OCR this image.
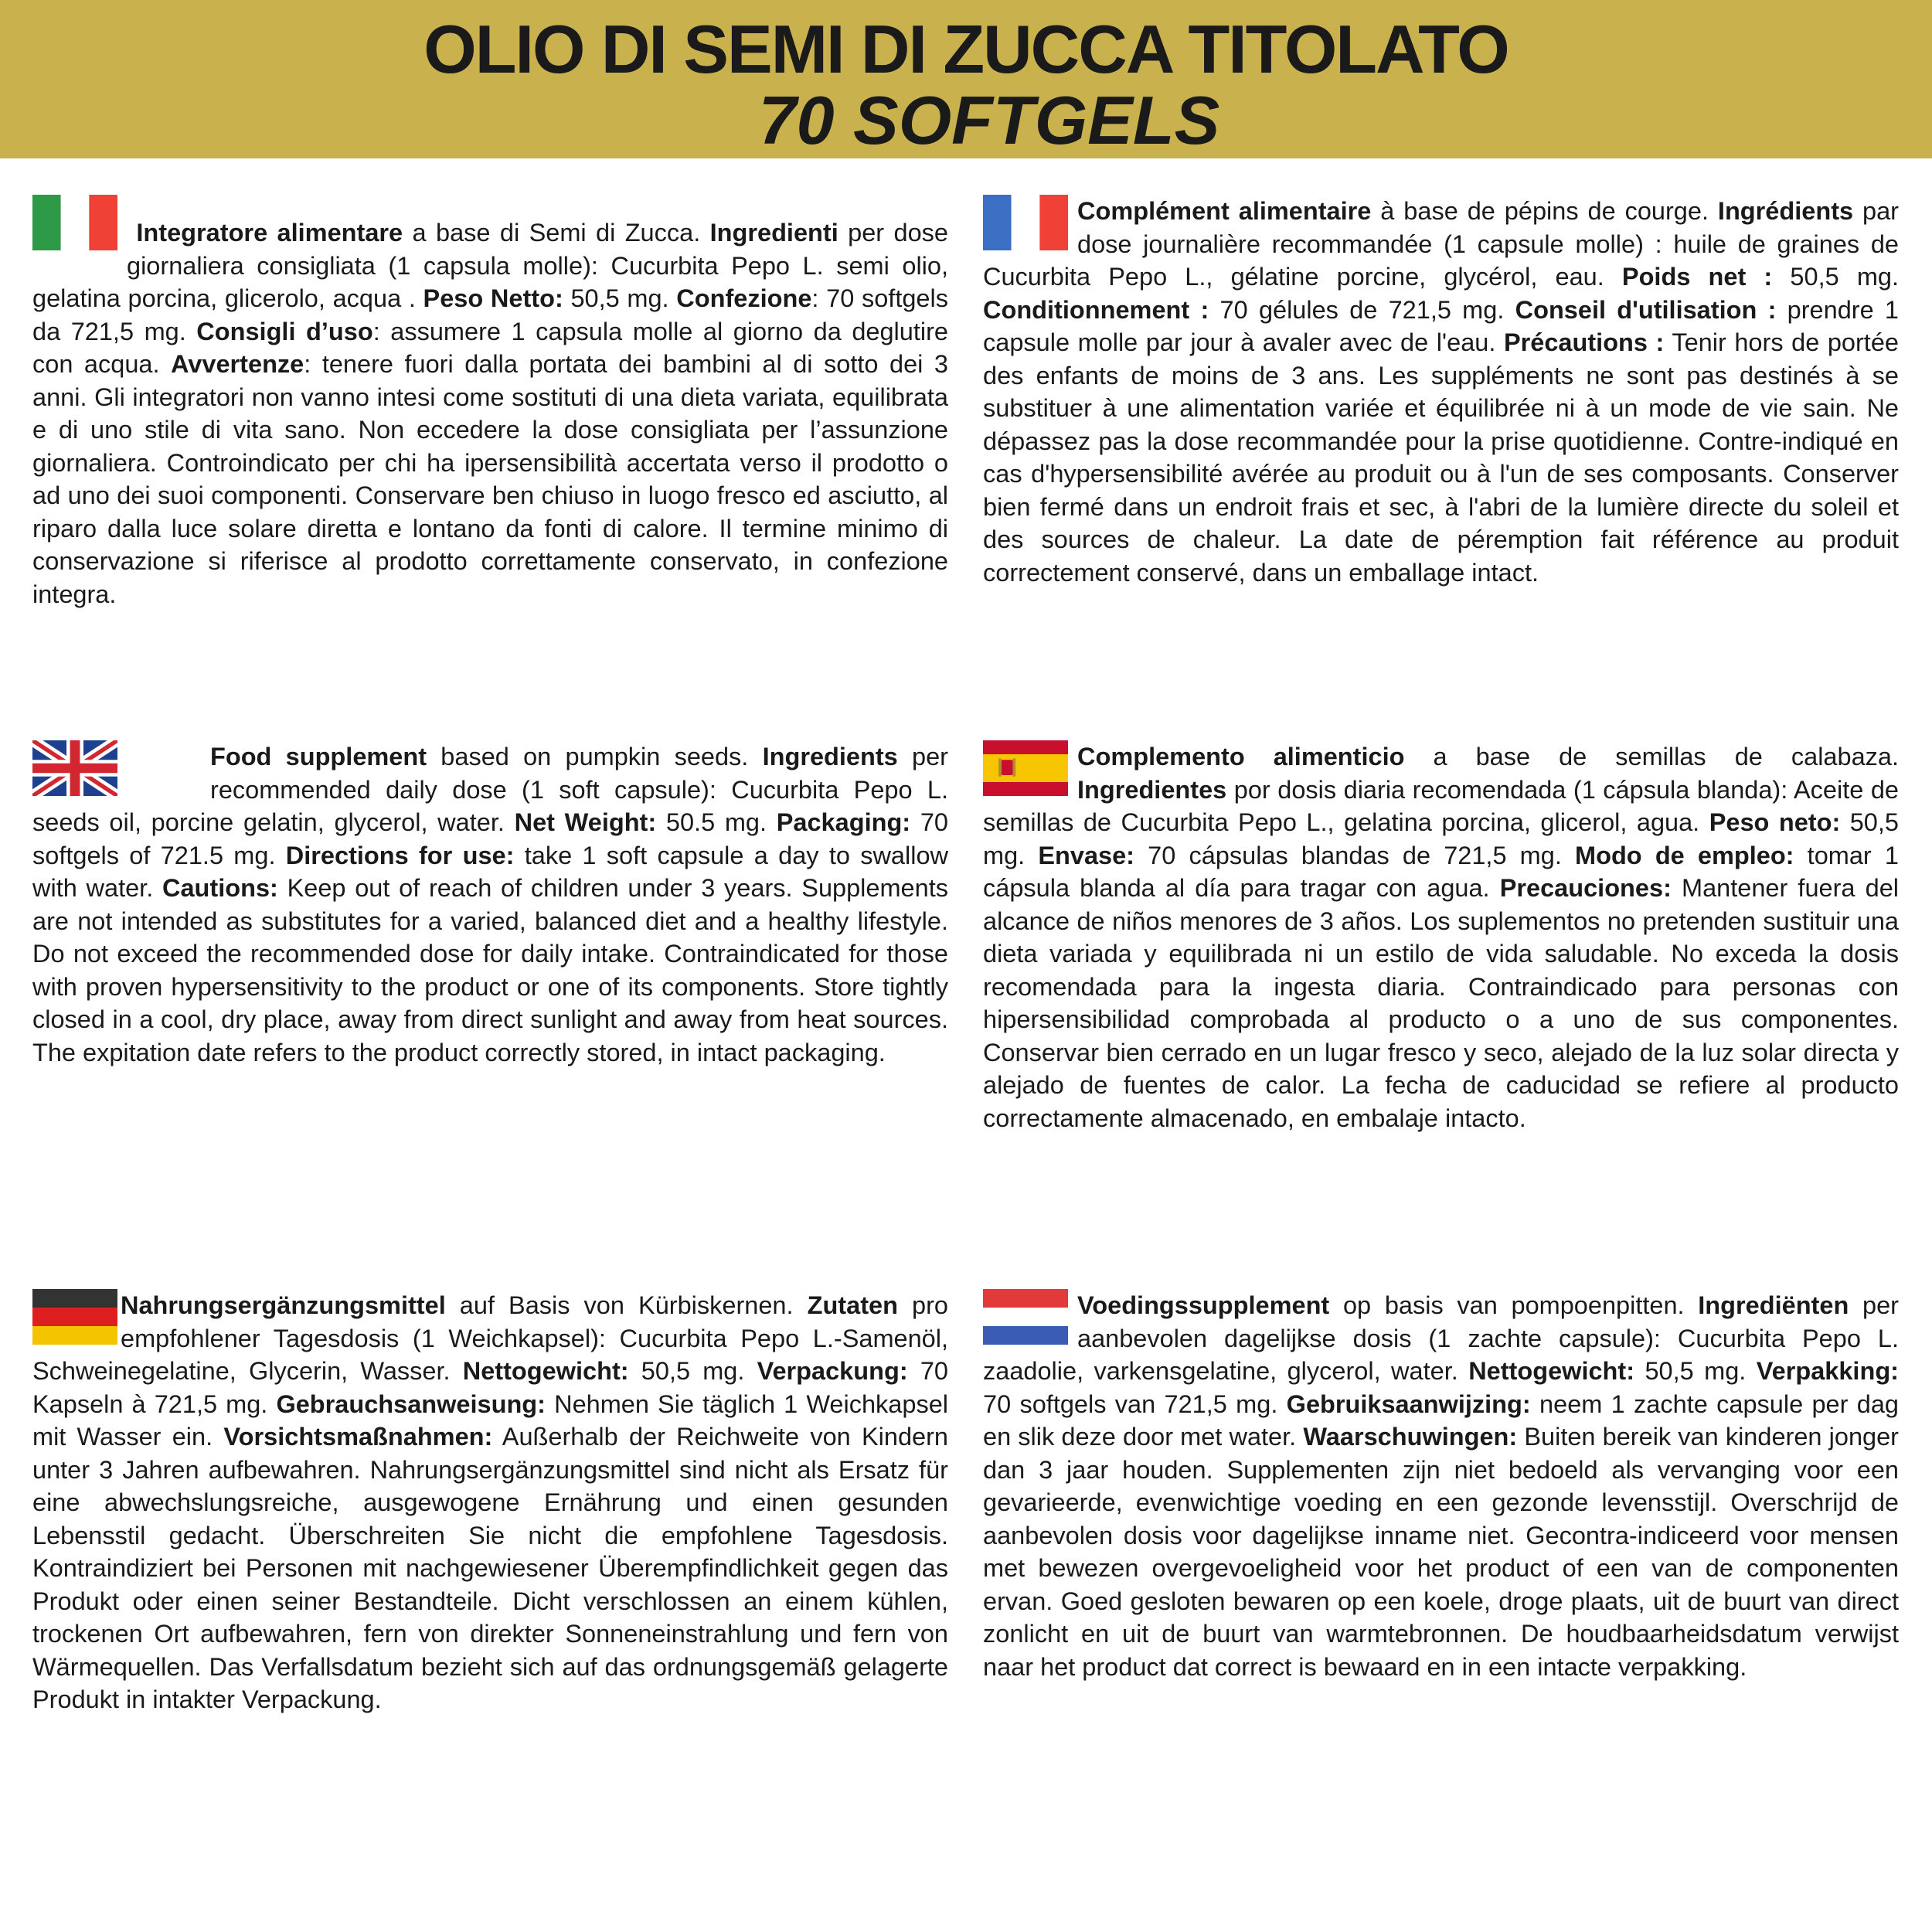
OLIO DI SEMI DI ZUCCA TITOLATO
70 SOFTGELS

Integratore alimentare a base di Semi di Zucca. Ingredienti per dose giornaliera consigliata (1 capsula molle): Cucurbita Pepo L. semi olio, gelatina porcina, glicerolo, acqua . Peso Netto: 50,5 mg. Confezione: 70 softgels da 721,5 mg. Consigli d’uso: assumere 1 capsula molle al giorno da deglutire con acqua. Avvertenze: tenere fuori dalla portata dei bambini al di sotto dei 3 anni. Gli integratori non vanno intesi come sostituti di una dieta variata, equilibrata e di uno stile di vita sano. Non eccedere la dose consigliata per l’assunzione giornaliera. Controindicato per chi ha ipersensibilità accertata verso il prodotto o ad uno dei suoi componenti. Conservare ben chiuso in luogo fresco ed asciutto, al riparo dalla luce solare diretta e lontano da fonti di calore. Il termine minimo di conservazione si riferisce al prodotto correttamente conservato, in confezione integra.

Complément alimentaire à base de pépins de courge. Ingrédients par dose journalière recommandée (1 capsule molle) : huile de graines de Cucurbita Pepo L., gélatine porcine, glycérol, eau. Poids net : 50,5 mg. Conditionnement : 70 gélules de 721,5 mg. Conseil d'utilisation : prendre 1 capsule molle par jour à avaler avec de l'eau. Précautions : Tenir hors de portée des enfants de moins de 3 ans. Les suppléments ne sont pas destinés à se substituer à une alimentation variée et équilibrée ni à un mode de vie sain. Ne dépassez pas la dose recommandée pour la prise quotidienne. Contre-indiqué en cas d'hypersensibilité avérée au produit ou à l'un de ses composants. Conserver bien fermé dans un endroit frais et sec, à l'abri de la lumière directe du soleil et des sources de chaleur. La date de péremption fait référence au produit correctement conservé, dans un emballage intact.

Food supplement based on pumpkin seeds. Ingredients per recommended daily dose (1 soft capsule): Cucurbita Pepo L. seeds oil, porcine gelatin, glycerol, water. Net Weight: 50.5 mg. Packaging: 70 softgels of 721.5 mg. Directions for use: take 1 soft capsule a day to swallow with water. Cautions: Keep out of reach of children under 3 years. Supplements are not intended as substitutes for a varied, balanced diet and a healthy lifestyle. Do not exceed the recommended dose for daily intake. Contraindicated for those with proven hypersensitivity to the product or one of its components. Store tightly closed in a cool, dry place, away from direct sunlight and away from heat sources. The expitation date refers to the product correctly stored, in intact packaging.

Complemento alimenticio a base de semillas de calabaza. Ingredientes por dosis diaria recomendada (1 cápsula blanda): Aceite de semillas de Cucurbita Pepo L., gelatina porcina, glicerol, agua. Peso neto: 50,5 mg. Envase: 70 cápsulas blandas de 721,5 mg. Modo de empleo: tomar 1 cápsula blanda al día para tragar con agua. Precauciones: Mantener fuera del alcance de niños menores de 3 años. Los suplementos no pretenden sustituir una dieta variada y equilibrada ni un estilo de vida saludable. No exceda la dosis recomendada para la ingesta diaria. Contraindicado para personas con hipersensibilidad comprobada al producto o a uno de sus componentes. Conservar bien cerrado en un lugar fresco y seco, alejado de la luz solar directa y alejado de fuentes de calor. La fecha de caducidad se refiere al producto correctamente almacenado, en embalaje intacto.

Nahrungsergänzungsmittel auf Basis von Kürbiskernen. Zutaten pro empfohlener Tagesdosis (1 Weichkapsel): Cucurbita Pepo L.-Samenöl, Schweinegelatine, Glycerin, Wasser. Nettogewicht: 50,5 mg. Verpackung: 70 Kapseln à 721,5 mg. Gebrauchsanweisung: Nehmen Sie täglich 1 Weichkapsel mit Wasser ein. Vorsichtsmaßnahmen: Außerhalb der Reichweite von Kindern unter 3 Jahren aufbewahren. Nahrungsergänzungsmittel sind nicht als Ersatz für eine abwechslungsreiche, ausgewogene Ernährung und einen gesunden Lebensstil gedacht. Überschreiten Sie nicht die empfohlene Tagesdosis. Kontraindiziert bei Personen mit nachgewiesener Überempfindlichkeit gegen das Produkt oder einen seiner Bestandteile. Dicht verschlossen an einem kühlen, trockenen Ort aufbewahren, fern von direkter Sonneneinstrahlung und fern von Wärmequellen. Das Verfallsdatum bezieht sich auf das ordnungsgemäß gelagerte Produkt in intakter Verpackung.

Voedingssupplement op basis van pompoenpitten. Ingrediënten per aanbevolen dagelijkse dosis (1 zachte capsule): Cucurbita Pepo L. zaadolie, varkensgelatine, glycerol, water. Nettogewicht: 50,5 mg. Verpakking: 70 softgels van 721,5 mg. Gebruiksaanwijzing: neem 1 zachte capsule per dag en slik deze door met water. Waarschuwingen: Buiten bereik van kinderen jonger dan 3 jaar houden. Supplementen zijn niet bedoeld als vervanging voor een gevarieerde, evenwichtige voeding en een gezonde levensstijl. Overschrijd de aanbevolen dosis voor dagelijkse inname niet. Gecontra-indiceerd voor mensen met bewezen overgevoeligheid voor het product of een van de componenten ervan. Goed gesloten bewaren op een koele, droge plaats, uit de buurt van direct zonlicht en uit de buurt van warmtebronnen. De houdbaarheidsdatum verwijst naar het product dat correct is bewaard en in een intacte verpakking.
